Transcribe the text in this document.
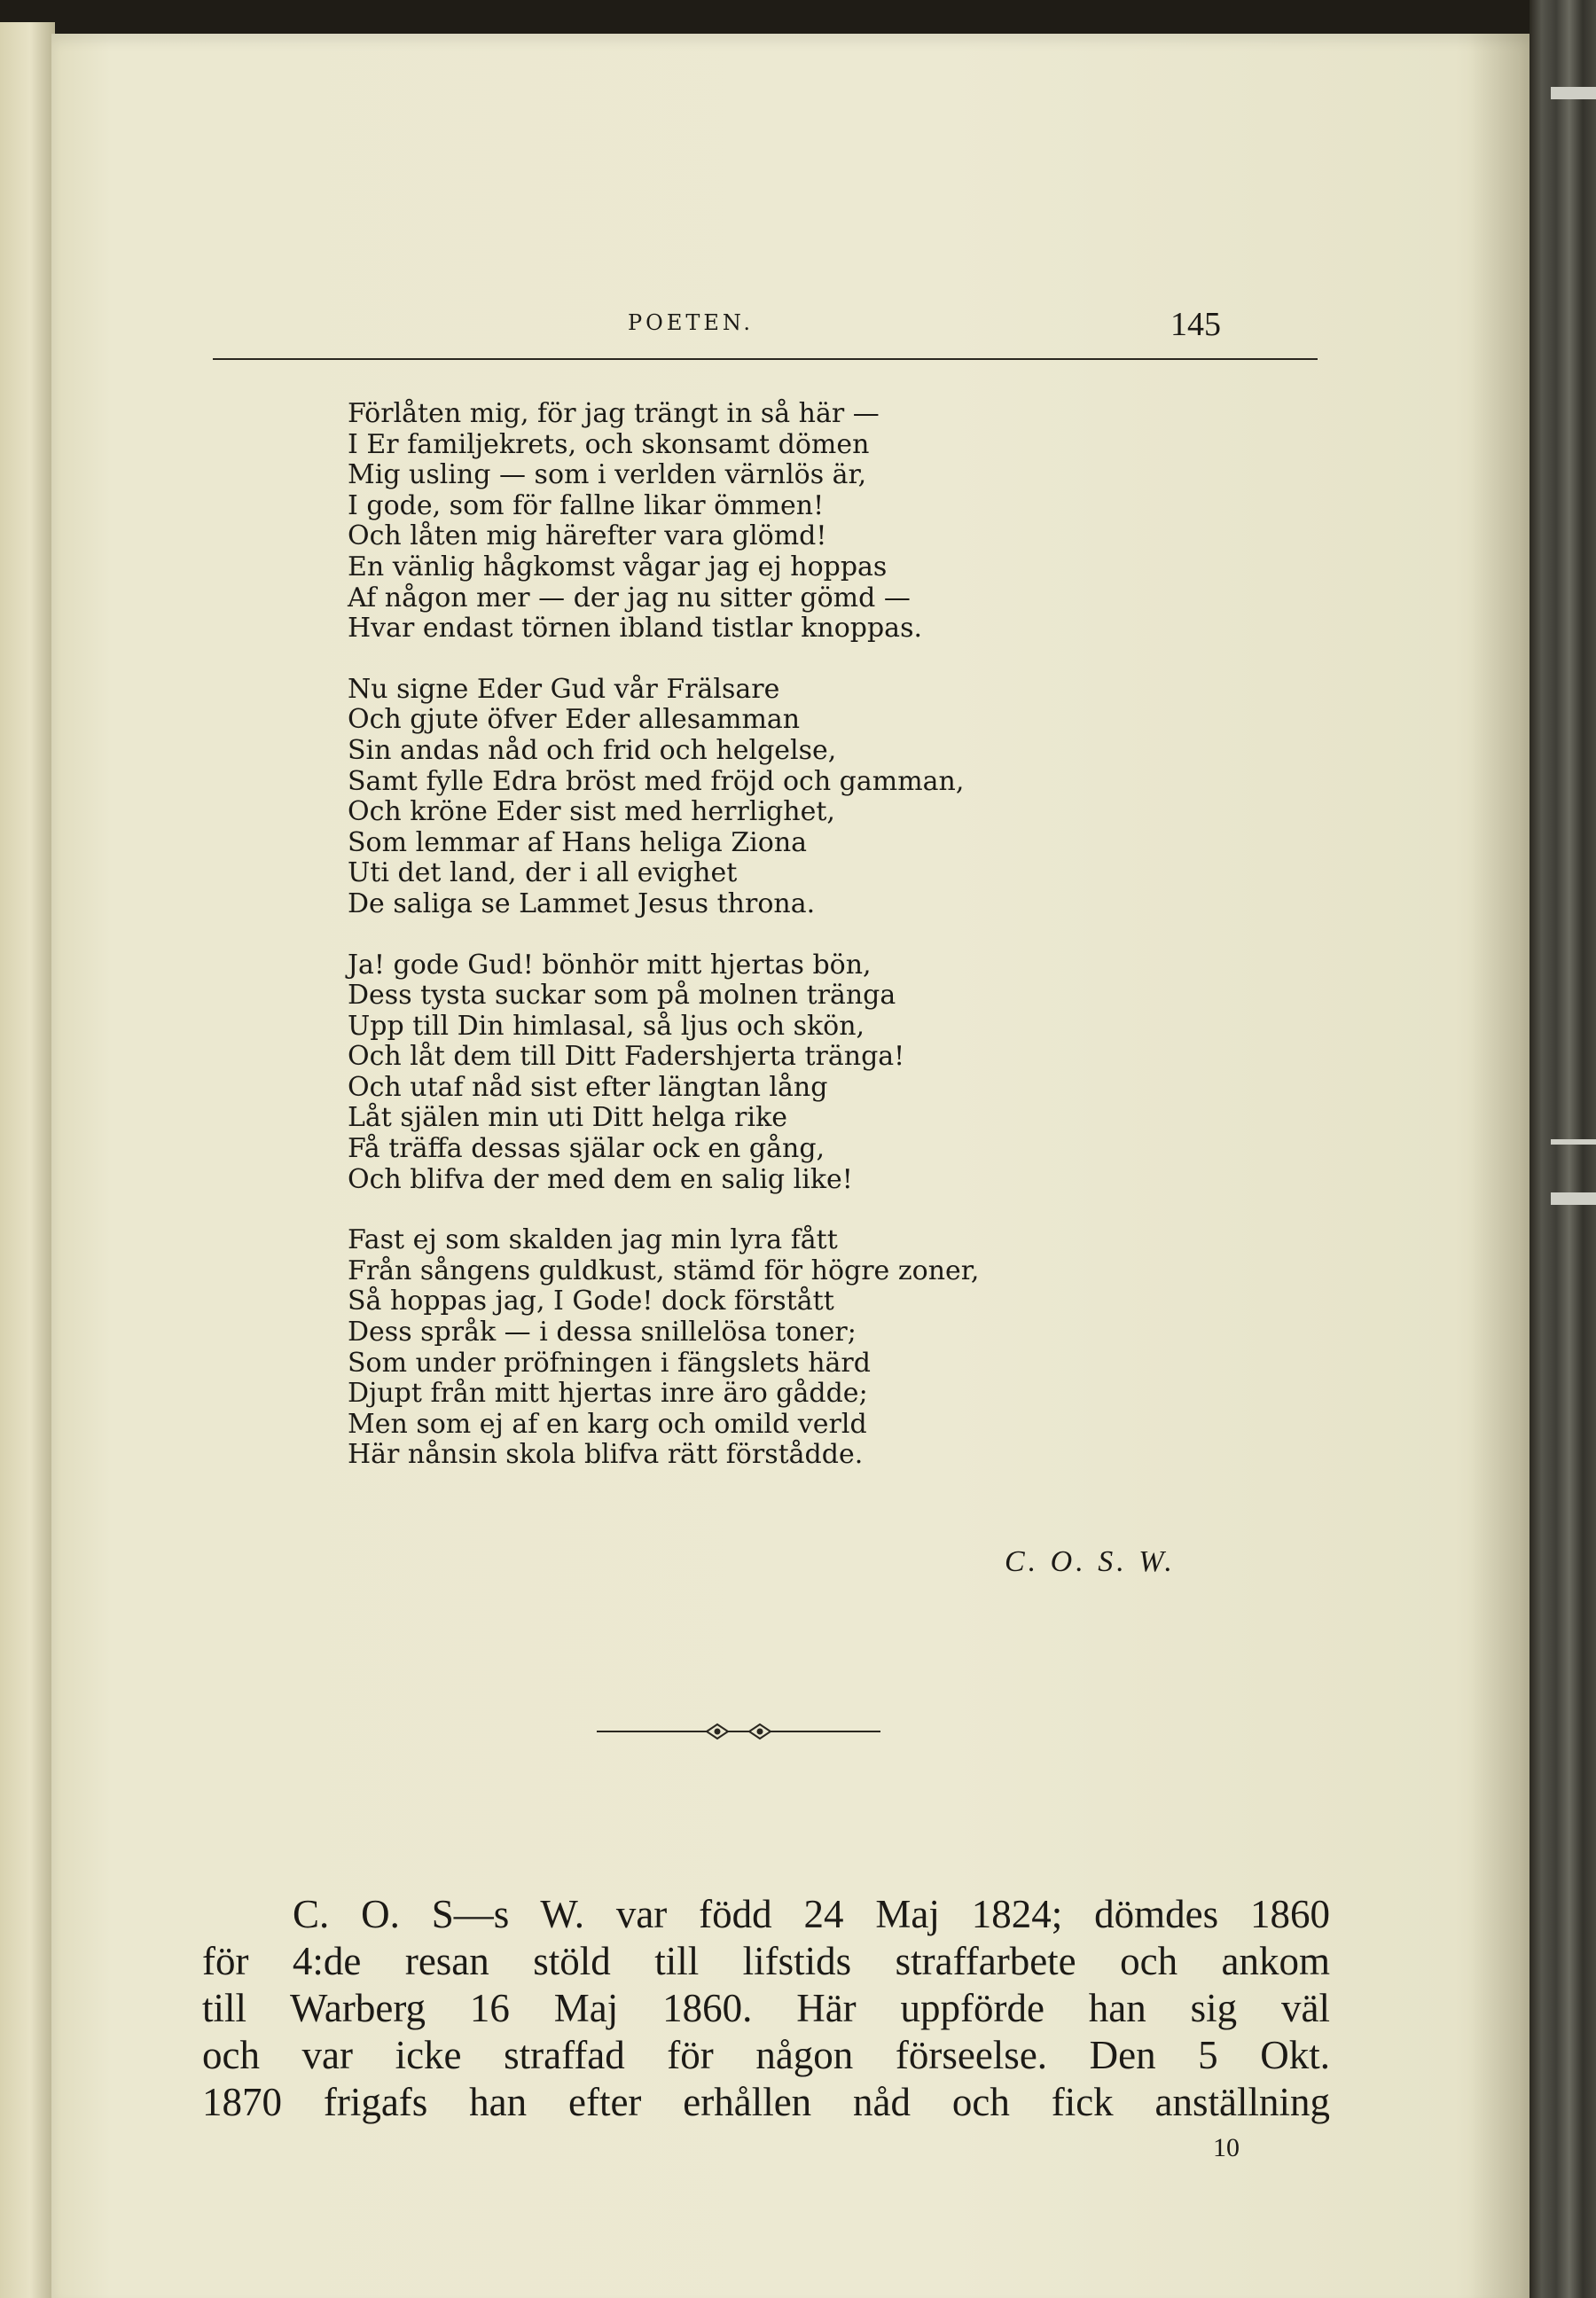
POETEN.	145
Förlåten mig, för jag trängt in så här —
I Er familjekrets, och skonsamt dömen
Mig usling — som i verlden värnlös är,
I gode, som för fallne likar ömmen!
Och låten mig härefter vara glömd!
En vänlig hågkomst vågar jag ej hoppas
Af någon mer — der jag nu sitter gömd —
Hvar endast törnen ibland tistlar knoppas.
Nu signe Eder Gud vår Frälsare
Och gjute öfver Eder allesamman
Sin andas nåd och frid och helgelse,
Samt fylle Edra bröst med fröjd och gamman,
Och kröne Eder sist med herrlighet,
Som lemmar af Hans heliga Ziona
Uti det land, der i all evighet
De saliga se Lammet Jesus throna.
Ja! gode Gud! bönhör mitt hjertas bön,
Dess tysta suckar som på molnen tränga
Upp till Din himlasal, så ljus och skön,
Och låt dem till Ditt Fadershjerta tränga!
Och utaf nåd sist efter längtan lång
Låt själen min uti Ditt helga rike
Få träffa dessas själar ock en gång,
Och blifva der med dem en salig like!
Fast ej som skalden jag min lyra fått
Från sångens guldkust, stämd för högre zoner,
Så hoppas jag, I Gode! dock förstått
Dess språk — i dessa snillelösa toner;
Som under pröfningen i fängslets härd
Djupt från mitt hjertas inre äro gådde;
Men som ej af en karg och omild verld
Här nånsin skola blifva rätt förstådde.
C. O. S. W.
C. O. S—s W. var född 24 Maj 1824; dömdes 1860
för 4:de resan stöld till lifstids straffarbete och ankom
till Warberg 16 Maj 1860. Här uppförde han sig väl
och var icke straffad för någon förseelse. Den 5 Okt.
1870 frigafs han efter erhållen nåd och fick anställning
10
